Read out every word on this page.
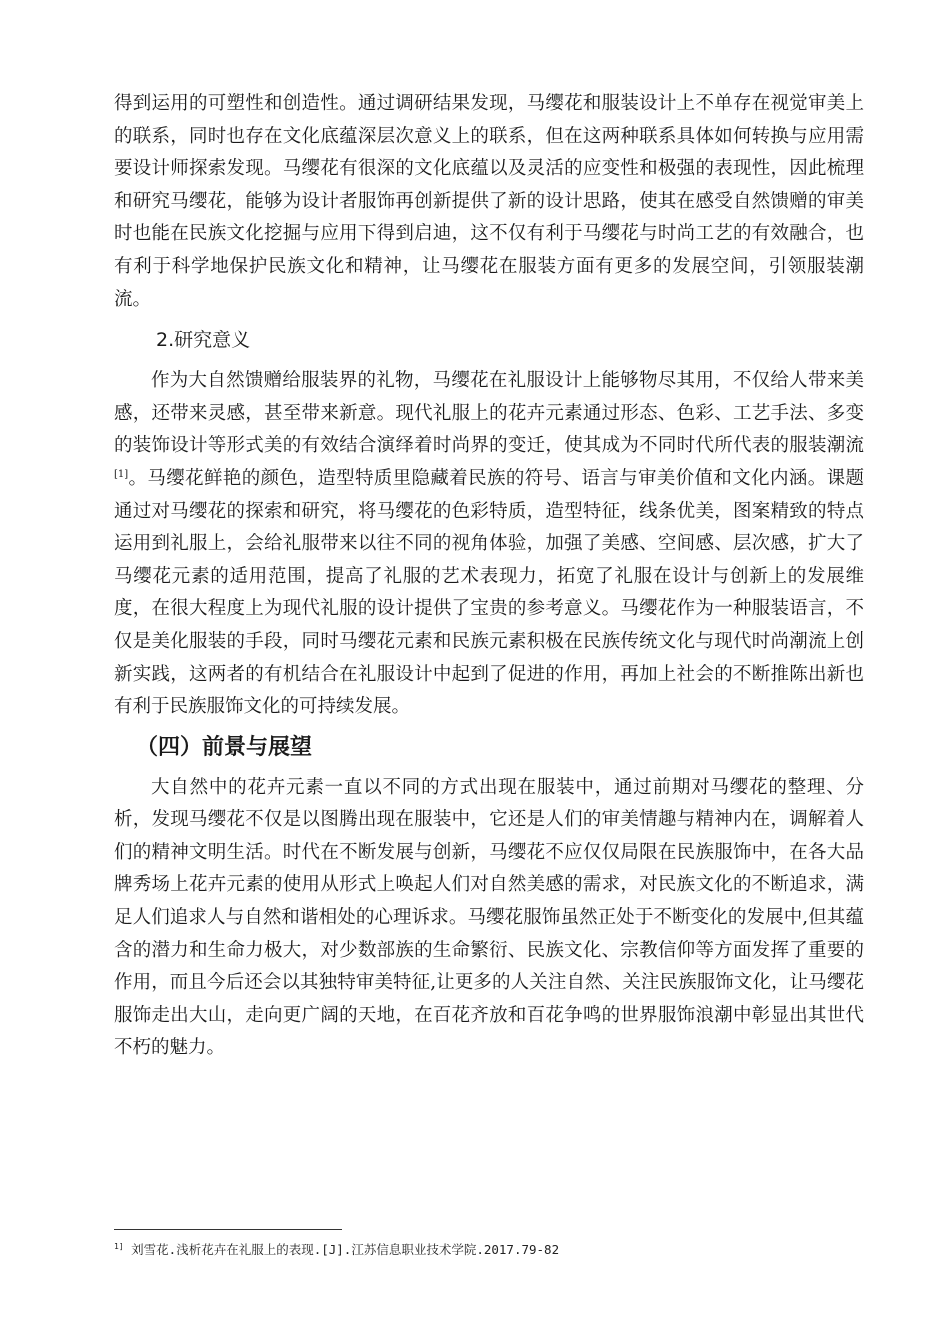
得到运用的可塑性和创造性。通过调研结果发现，马缨花和服装设计上不单存在视觉审美上的联系，同时也存在文化底蕴深层次意义上的联系，但在这两种联系具体如何转换与应用需要设计师探索发现。马缨花有很深的文化底蕴以及灵活的应变性和极强的表现性，因此梳理和研究马缨花，能够为设计者服饰再创新提供了新的设计思路，使其在感受自然馈赠的审美时也能在民族文化挖掘与应用下得到启迪，这不仅有利于马缨花与时尚工艺的有效融合，也有利于科学地保护民族文化和精神，让马缨花在服装方面有更多的发展空间，引领服装潮流。

2.研究意义

作为大自然馈赠给服装界的礼物，马缨花在礼服设计上能够物尽其用，不仅给人带来美感，还带来灵感，甚至带来新意。现代礼服上的花卉元素通过形态、色彩、工艺手法、多变的装饰设计等形式美的有效结合演绎着时尚界的变迁，使其成为不同时代所代表的服装潮流[1]。马缨花鲜艳的颜色，造型特质里隐藏着民族的符号、语言与审美价值和文化内涵。课题通过对马缨花的探索和研究，将马缨花的色彩特质，造型特征，线条优美，图案精致的特点运用到礼服上，会给礼服带来以往不同的视角体验，加强了美感、空间感、层次感，扩大了马缨花元素的适用范围，提高了礼服的艺术表现力，拓宽了礼服在设计与创新上的发展维度，在很大程度上为现代礼服的设计提供了宝贵的参考意义。马缨花作为一种服装语言，不仅是美化服装的手段，同时马缨花元素和民族元素积极在民族传统文化与现代时尚潮流上创新实践，这两者的有机结合在礼服设计中起到了促进的作用，再加上社会的不断推陈出新也有利于民族服饰文化的可持续发展。

（四）前景与展望

大自然中的花卉元素一直以不同的方式出现在服装中，通过前期对马缨花的整理、分析，发现马缨花不仅是以图腾出现在服装中，它还是人们的审美情趣与精神内在，调解着人们的精神文明生活。时代在不断发展与创新，马缨花不应仅仅局限在民族服饰中，在各大品牌秀场上花卉元素的使用从形式上唤起人们对自然美感的需求，对民族文化的不断追求，满足人们追求人与自然和谐相处的心理诉求。马缨花服饰虽然正处于不断变化的发展中,但其蕴含的潜力和生命力极大，对少数部族的生命繁衍、民族文化、宗教信仰等方面发挥了重要的作用，而且今后还会以其独特审美特征,让更多的人关注自然、关注民族服饰文化，让马缨花服饰走出大山，走向更广阔的天地，在百花齐放和百花争鸣的世界服饰浪潮中彰显出其世代不朽的魅力。

$^{1]}$ 刘雪花.浅析花卉在礼服上的表现.[J].江苏信息职业技术学院.2017.79-82
